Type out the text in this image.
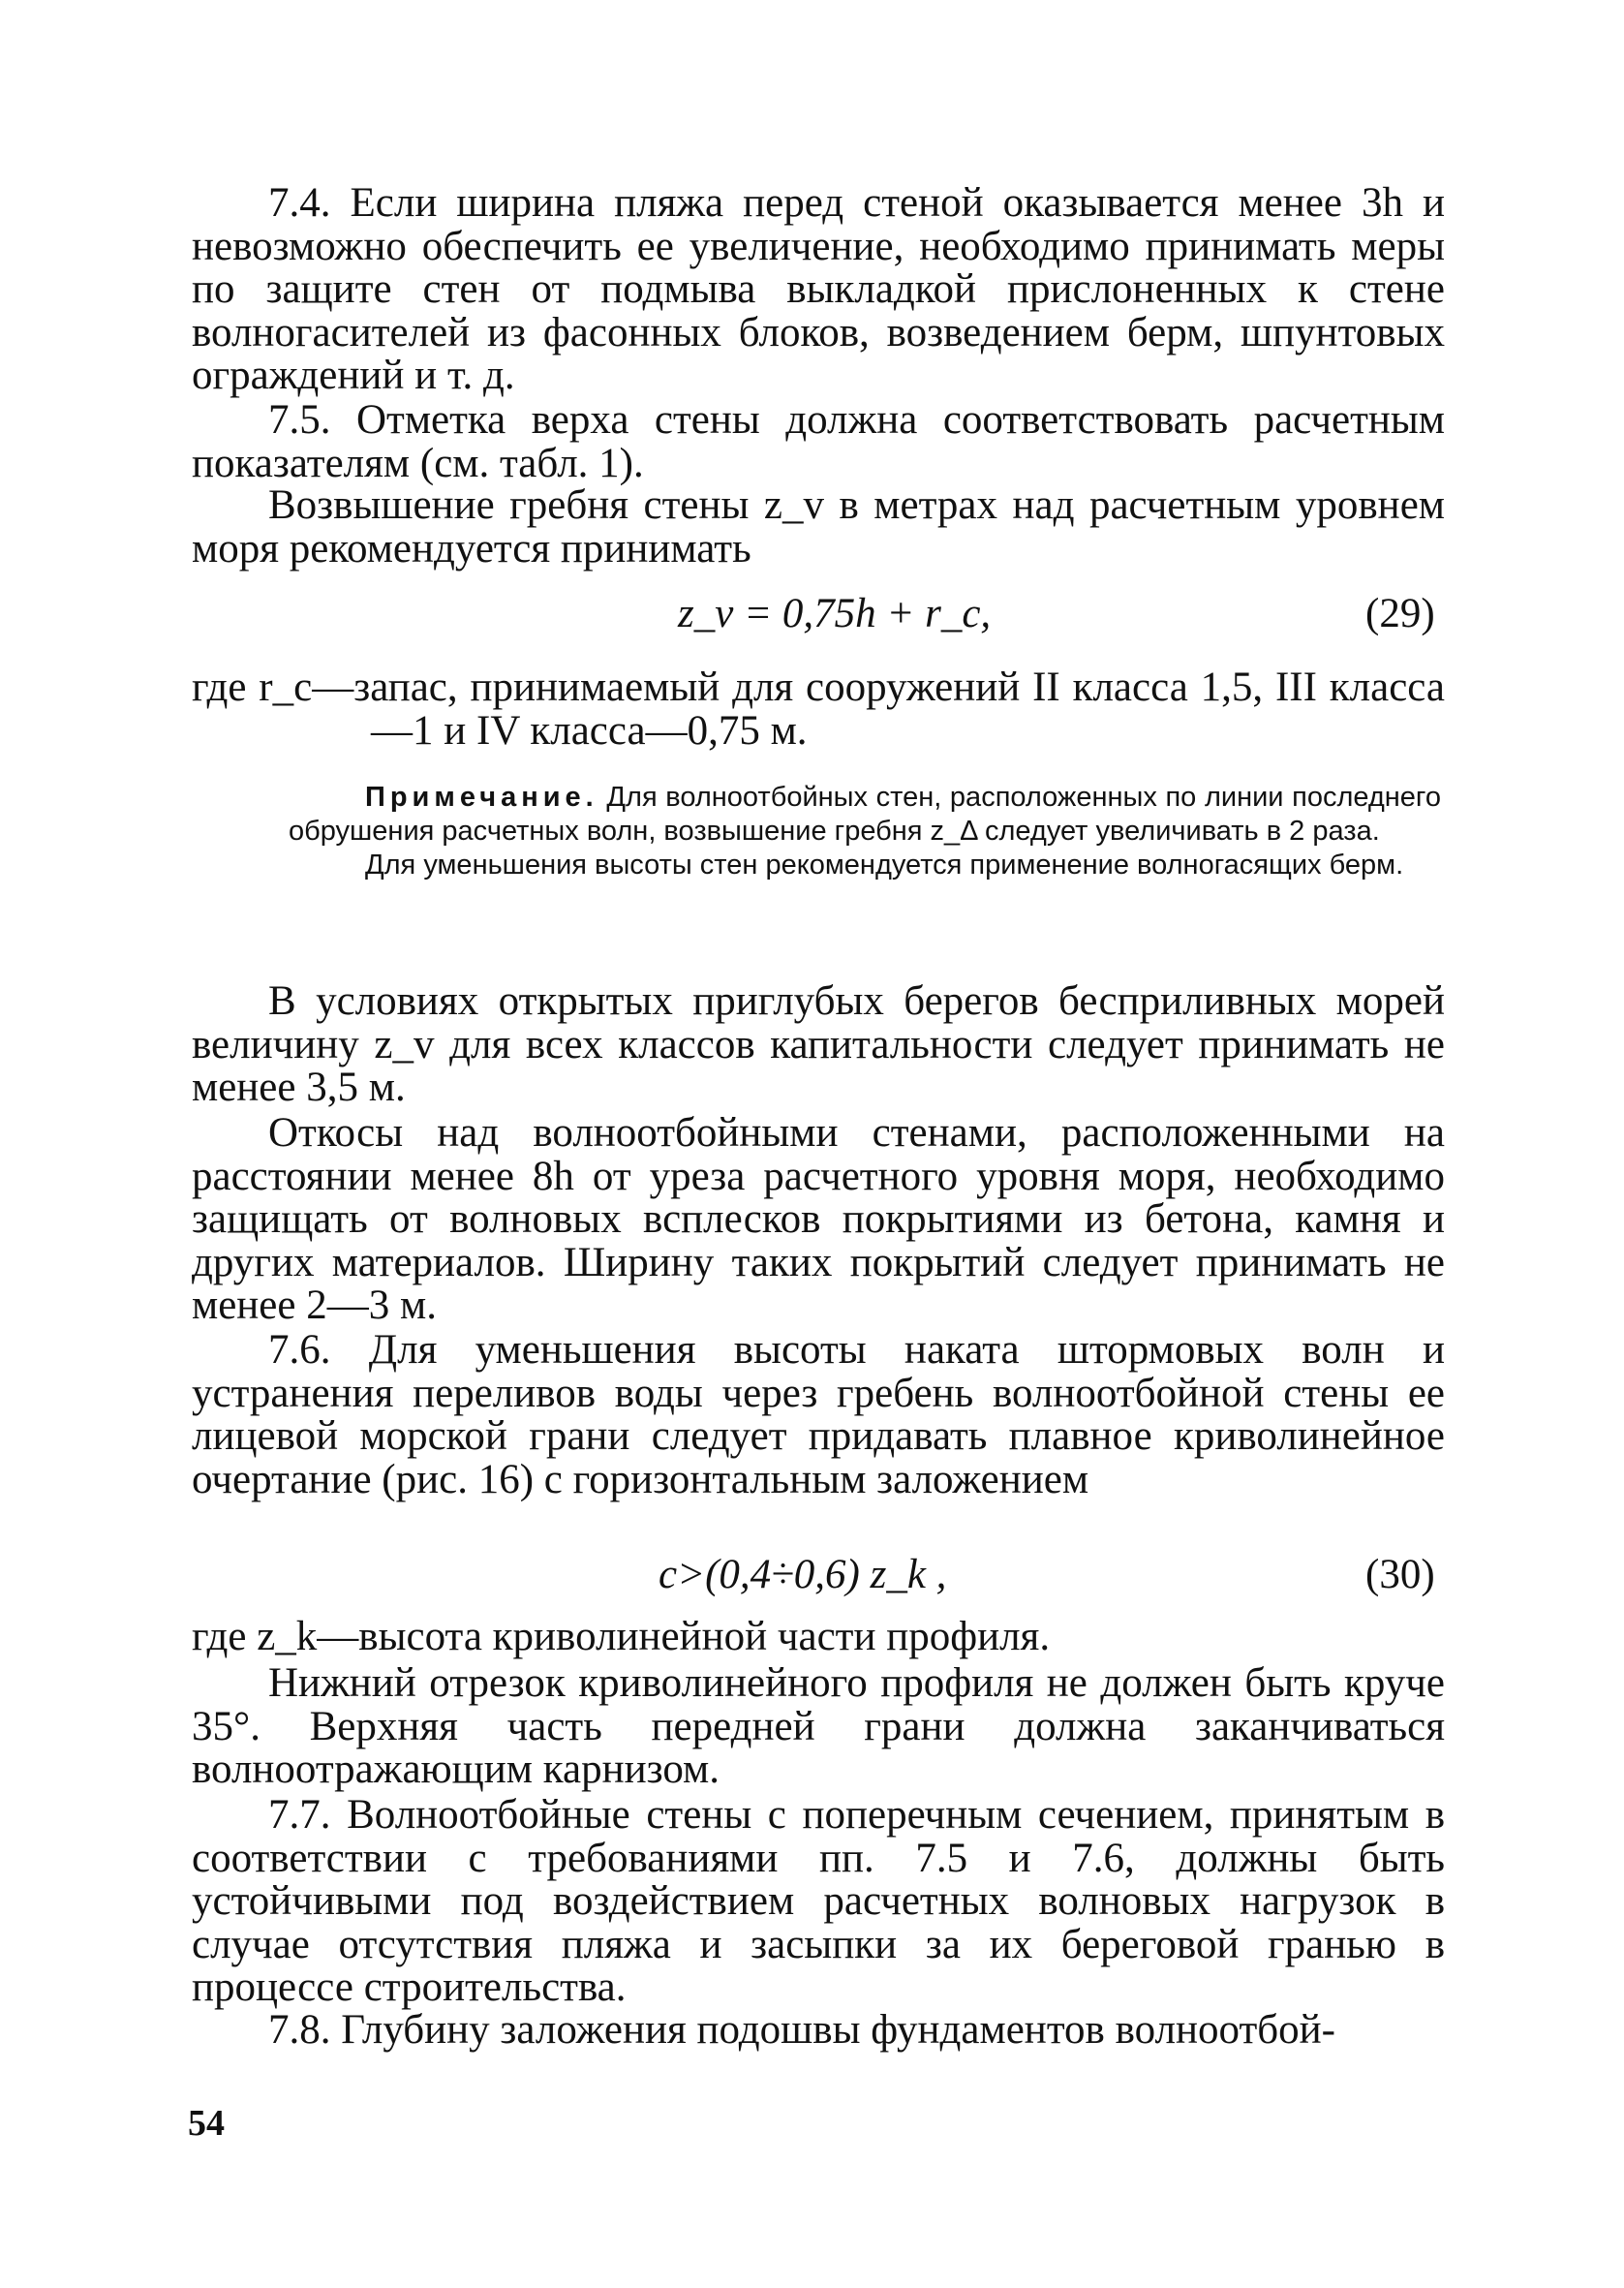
7.4. Если ширина пляжа перед стеной оказывается менее 3h и невозможно обеспечить ее увеличение, необходимо принимать меры по защите стен от подмыва выкладкой прислоненных к стене волногасителей из фасонных блоков, возведением берм, шпунтовых ограждений и т. д.

7.5. Отметка верха стены должна соответствовать расчетным показателям (см. табл. 1).

Возвышение гребня стены z_v в метрах над расчетным уровнем моря рекомендуется принимать

z_v = 0,75h + r_c,	(29)

где r_c—запас, принимаемый для сооружений II класса 1,5, III класса—1 и IV класса—0,75 м.

Примечание. Для волноотбойных стен, расположенных по линии последнего обрушения расчетных волн, возвышение гребня z_Δ следует увеличивать в 2 раза.

Для уменьшения высоты стен рекомендуется применение волногасящих берм.

В условиях открытых приглубых берегов бесприливных морей величину z_v для всех классов капитальности следует принимать не менее 3,5 м.

Откосы над волноотбойными стенами, расположенными на расстоянии менее 8h от уреза расчетного уровня моря, необходимо защищать от волновых всплесков покрытиями из бетона, камня и других материалов. Ширину таких покрытий следует принимать не менее 2—3 м.

7.6. Для уменьшения высоты наката штормовых волн и устранения переливов воды через гребень волноотбойной стены ее лицевой морской грани следует придавать плавное криволинейное очертание (рис. 16) с горизонтальным заложением

c>(0,4÷0,6) z_k ,	(30)

где z_k—высота криволинейной части профиля.

Нижний отрезок криволинейного профиля не должен быть круче 35°. Верхняя часть передней грани должна заканчиваться волноотражающим карнизом.

7.7. Волноотбойные стены с поперечным сечением, принятым в соответствии с требованиями пп. 7.5 и 7.6, должны быть устойчивыми под воздействием расчетных волновых нагрузок в случае отсутствия пляжа и засыпки за их береговой гранью в процессе строительства.

7.8. Глубину заложения подошвы фундаментов волноотбой-

54
